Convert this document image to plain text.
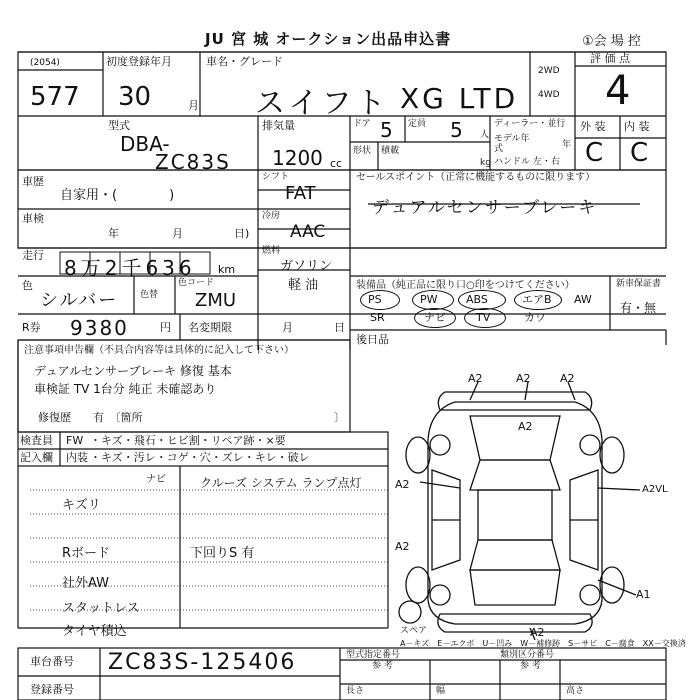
JU 宮 城 オークション出品申込書	①会 場 控
(2054)
577
初度登録年月
30	月
車名・グレード
スイフト XG LTD
2WD
4WD
評 価 点
4
型式
DBA-
ZC83S
排気量
1200 cc
ドア 5 定員 5 人
形状 積載
kg
ディーラー・並行
モデル年式	年
ハンドル 左・右
外 装 内 装
C C
車歴
自家用・(　　　　)
シフト
FAT
セールスポイント（正常に機能するものに限ります）
デュアルセンサーブレーキ
車検
年	月	日)
冷房
AAC
走行
8万2千636 km
燃料
ガソリン
軽 油
色
シルバー 色替
色コード
ZMU
装備品（純正品に限り口○印をつけてください）	新車保証書
PS	PW	ABS	エアB AW
SR	ナビ	TV	カワ
有・無
R券 9380	円 名変期限	月	日
後日品
注意事項申告欄（不具合内容等は具体的に記入して下さい）
デュアルセンサーブレーキ 修復 基本
車検証 TV 1台分 純正 未確認あり
修復歴　　有　〔箇所	〕
検査員
記入欄
FW ・キズ・飛石・ヒビ割・リペア跡・×要
内装 ・キズ・汚レ・コゲ・穴・ズレ・キレ・破レ
ナビ	クルーズ システム ランプ点灯
キズリ
Rボード	下回りS 有
社外AW
スタットレス
タイヤ積込
A2	A2	A2
A2
A2	A2VL
A2
A1
A2
スペア
A－キズ　E－エクボ　U－凹み　W－補修跡　S－サビ　C－腐食　XX－交換済
車台番号 ZC83S-125406
登録番号
型式指定番号
参 考
類別区分番号
参 考
長さ	幅	高さ
